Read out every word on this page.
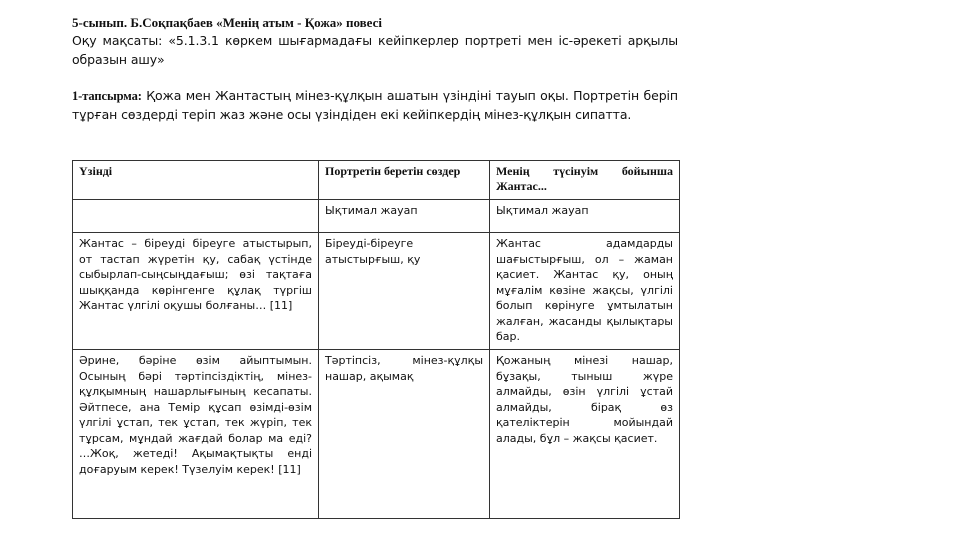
5-сынып. Б.Соқпақбаев «Менің атым - Қожа» повесі

Оқу мақсаты: «5.1.3.1 көркем шығармадағы кейіпкерлер портреті мен іс-әрекеті арқылы образын ашу»

1-тапсырма: Қожа мен Жантастың мінез-құлқын ашатын үзіндіні тауып оқы. Портретін беріп тұрған сөздерді теріп жаз және осы үзіндіден екі кейіпкердің мінез-құлқын сипатта.

Үзінді	Портретін беретін сөздер	Менің түсінуім бойынша Жантас...
	Ықтимал жауап	Ықтимал жауап
Жантас – біреуді біреуге атыстырып, от тастап жүретін қу, сабақ үстінде сыбырлап-сыңсыңдағыш; өзі тақтаға шыққанда көрінгенге құлақ түргіш Жантас үлгілі оқушы болғаны… [11]	Біреуді-біреуге атыстырғыш, қу	Жантас адамдарды шағыстырғыш, ол – жаман қасиет. Жантас қу, оның мұғалім көзіне жақсы, үлгілі болып көрінуге ұмтылатын жалған, жасанды қылықтары бар.
Әрине, бәріне өзім айыптымын. Осының бәрі тәртіпсіздіктің, мінез-құлқымның нашарлығының кесапаты. Әйтпесе, ана Темір құсап өзімді-өзім үлгілі ұстап, тек ұстап, тек жүріп, тек тұрсам, мұндай жағдай болар ма еді? …Жоқ, жетеді! Ақымақтықты енді доғаруым керек! Түзелуім керек! [11]	Тәртіпсіз, мінез-құлқы нашар, ақымақ	Қожаның мінезі нашар, бұзақы, тыныш жүре алмайды, өзін үлгілі ұстай алмайды, бірақ өз қателіктерін мойындай алады, бұл – жақсы қасиет.
